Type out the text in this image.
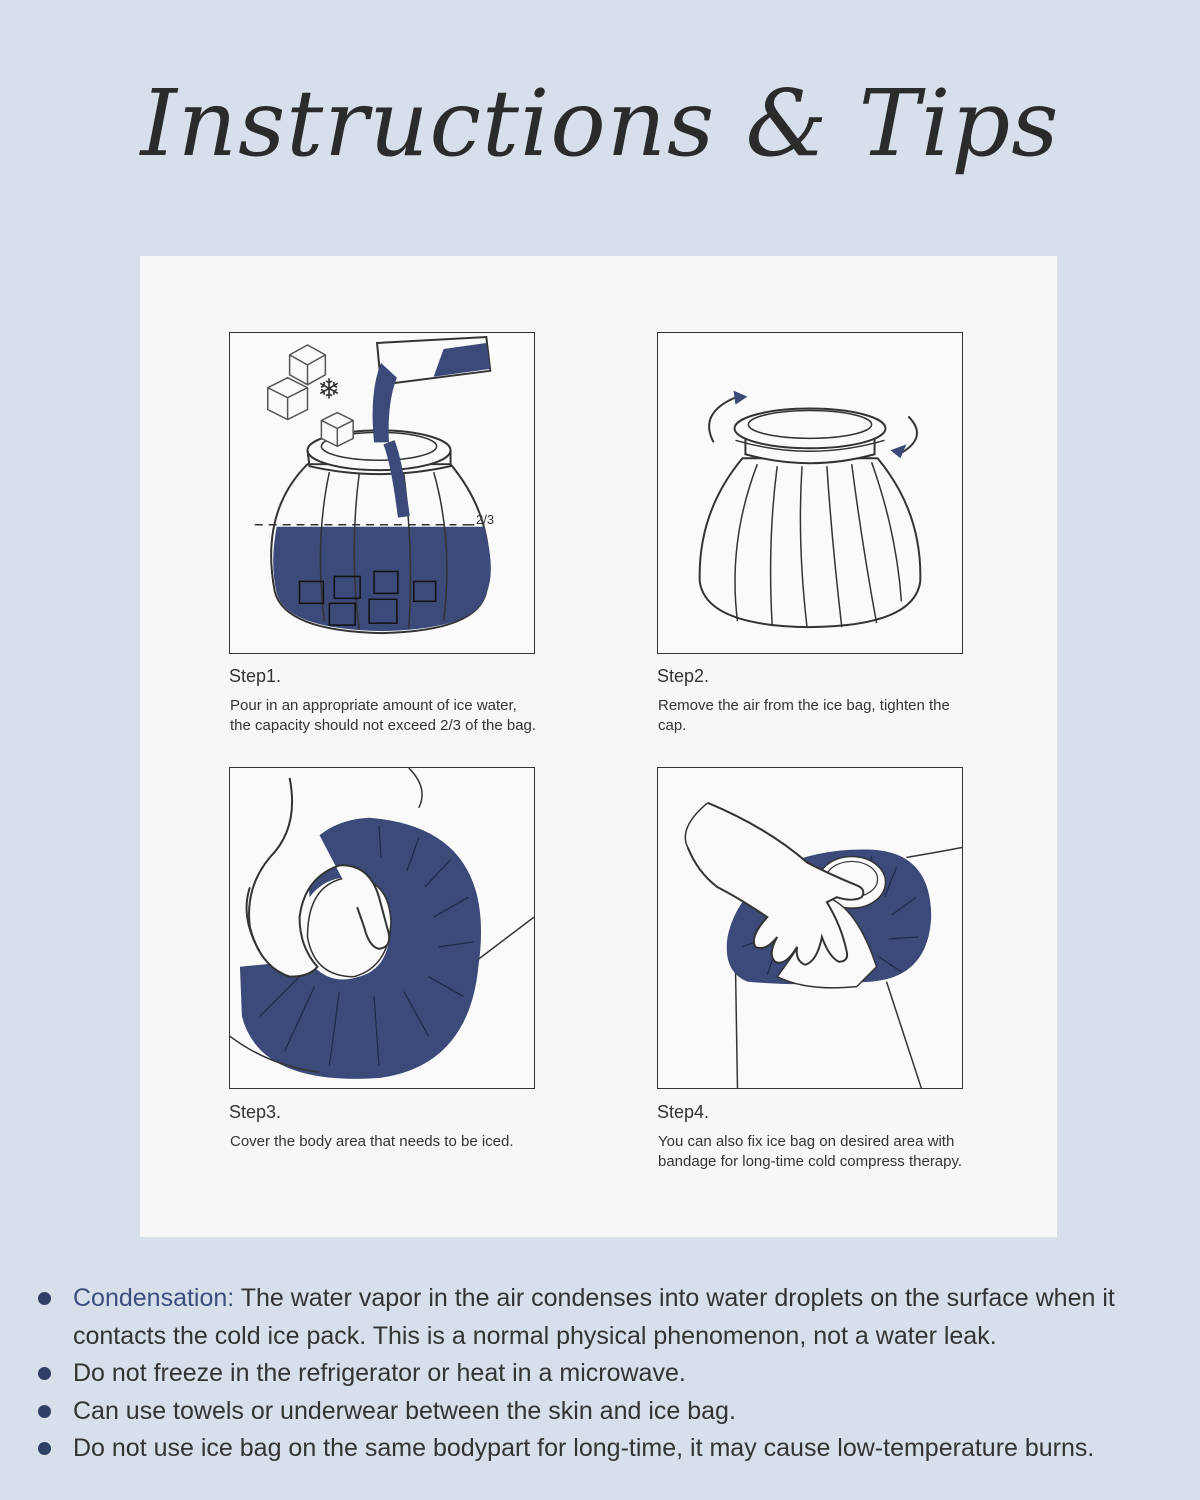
Instructions & Tips
❄
Step1.
Pour in an appropriate amount of ice water, the capacity should not exceed 2/3 of the bag.
2/3
Step2.
Remove the air from the ice bag, tighten the cap.
Step3.
Cover the body area that needs to be iced.
Step4.
You can also fix ice bag on desired area with bandage for long-time cold compress therapy.
Condensation: The water vapor in the air condenses into water droplets on the surface when it contacts the cold ice pack. This is a normal physical phenomenon, not a water leak.
Do not freeze in the refrigerator or heat in a microwave.
Can use towels or underwear between the skin and ice bag.
Do not use ice bag on the same bodypart for long-time, it may cause low-temperature burns.
